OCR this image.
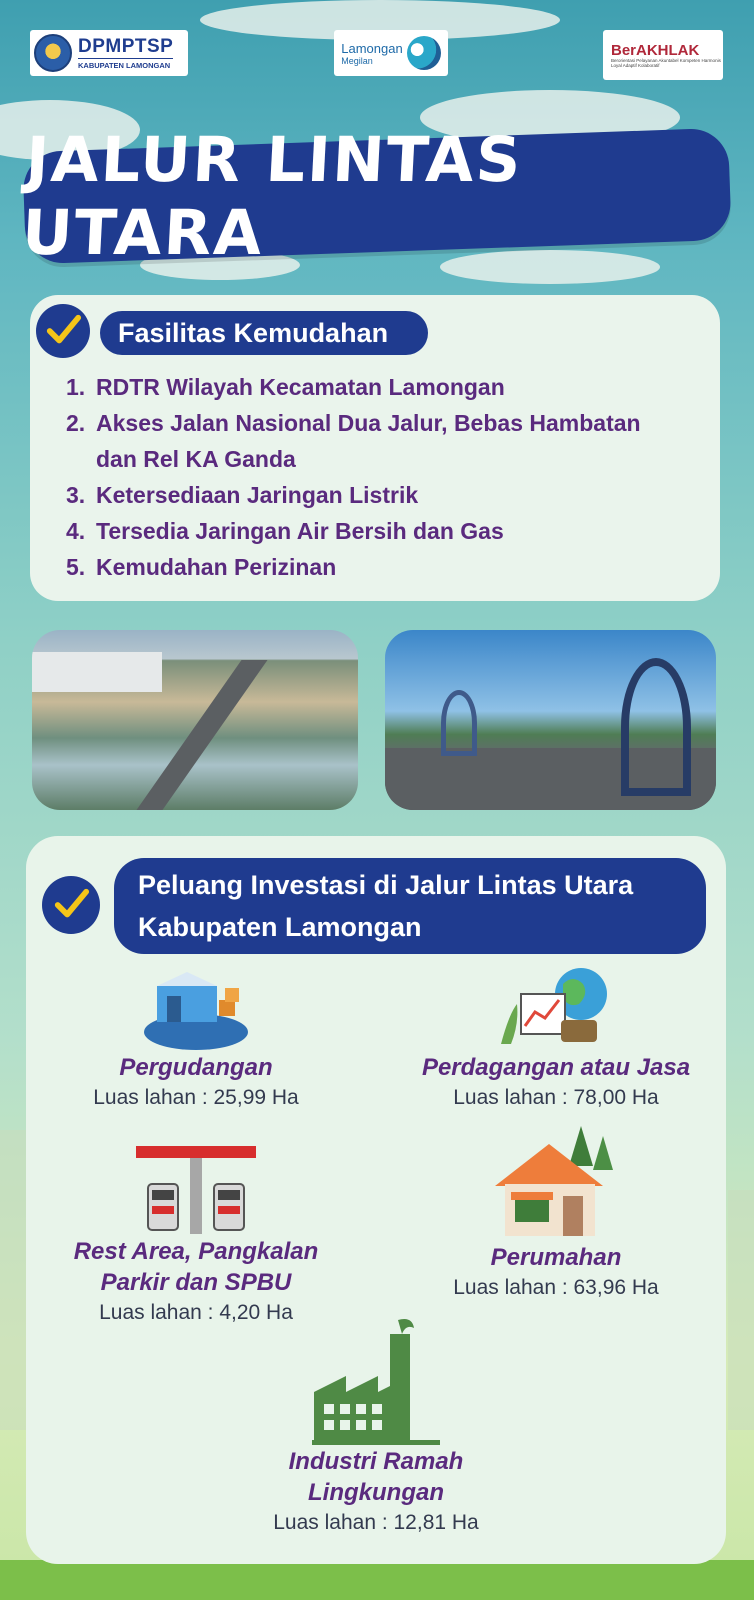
DPMPTSP
KABUPATEN LAMONGAN
Lamongan
Megilan
BerAKHLAK
Berorientasi Pelayanan Akuntabel Kompeten Harmonis Loyal Adaptif Kolaboratif
JALUR LINTAS UTARA
Fasilitas Kemudahan
1. RDTR Wilayah Kecamatan Lamongan
2. Akses Jalan Nasional Dua Jalur, Bebas Hambatan
dan Rel KA Ganda
3. Ketersediaan Jaringan Listrik
4. Tersedia Jaringan Air Bersih dan Gas
5. Kemudahan Perizinan
Peluang Investasi di Jalur Lintas Utara
Kabupaten Lamongan
Pergudangan
Luas lahan : 25,99 Ha
Perdagangan atau Jasa
Luas lahan : 78,00 Ha
Rest Area, Pangkalan
Parkir dan SPBU
Luas lahan : 4,20 Ha
Perumahan
Luas lahan : 63,96 Ha
Industri Ramah
Lingkungan
Luas lahan : 12,81 Ha
